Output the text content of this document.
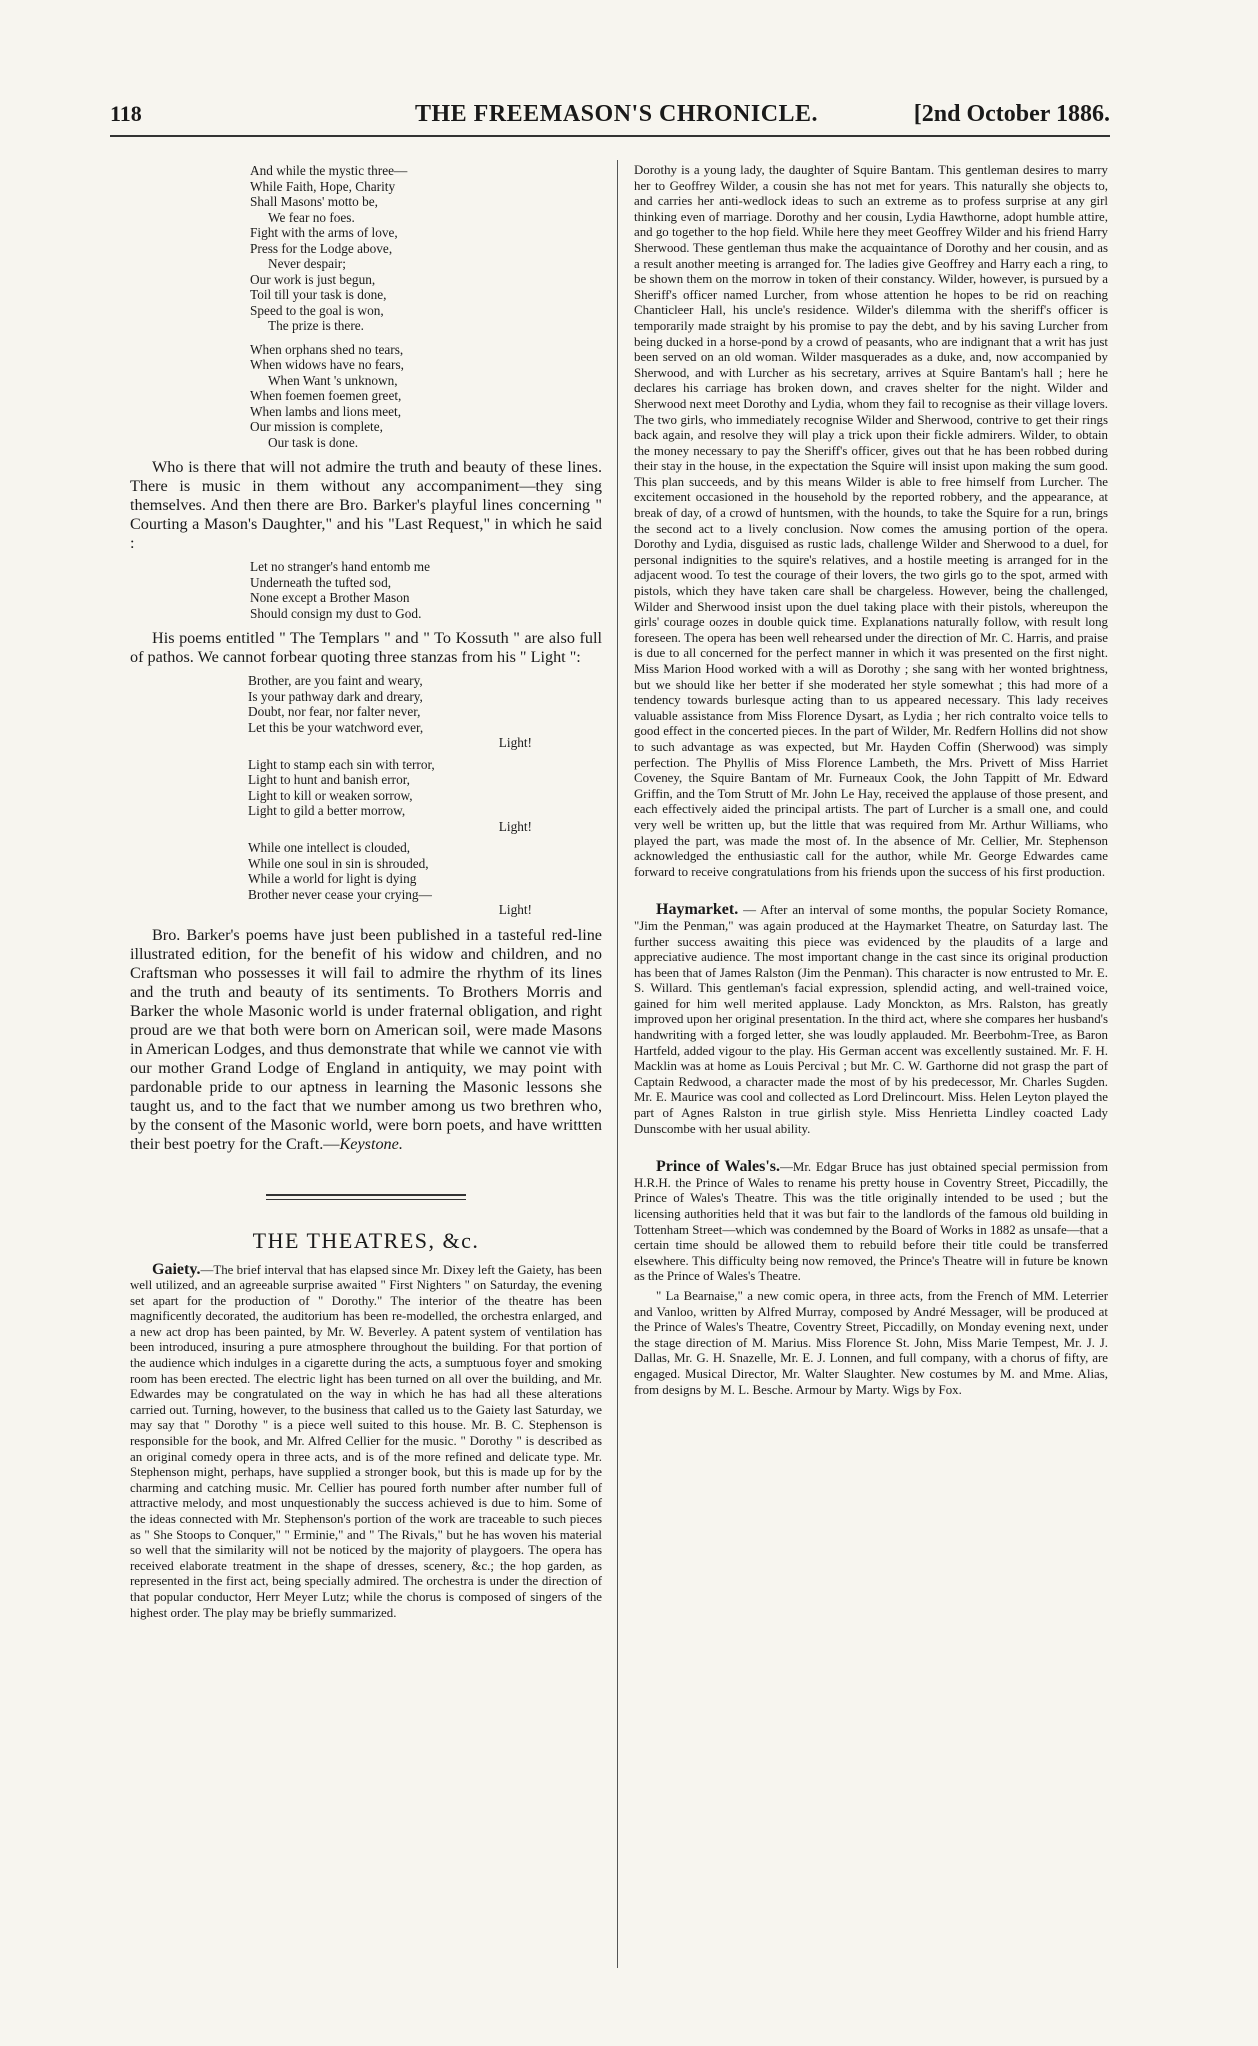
118	THE FREEMASON'S CHRONICLE.	[2nd October 1886.
And while the mystic three—
While Faith, Hope, Charity
Shall Masons' motto be,
We fear no foes.
Fight with the arms of love,
Press for the Lodge above,
Never despair;
Our work is just begun,
Toil till your task is done,
Speed to the goal is won,
The prize is there.
When orphans shed no tears,
When widows have no fears,
When Want 's unknown,
When foemen foemen greet,
When lambs and lions meet,
Our mission is complete,
Our task is done.

Who is there that will not admire the truth and beauty of these lines. There is music in them without any accompaniment—they sing themselves. And then there are Bro. Barker's playful lines concerning " Courting a Mason's Daughter," and his "Last Request," in which he said :

Let no stranger's hand entomb me
Underneath the tufted sod,
None except a Brother Mason
Should consign my dust to God.

His poems entitled " The Templars " and " To Kossuth " are also full of pathos. We cannot forbear quoting three stanzas from his " Light ":

Brother, are you faint and weary,
Is your pathway dark and dreary,
Doubt, nor fear, nor falter never,
Let this be your watchword ever,
Light!
Light to stamp each sin with terror,
Light to hunt and banish error,
Light to kill or weaken sorrow,
Light to gild a better morrow,
Light!
While one intellect is clouded,
While one soul in sin is shrouded,
While a world for light is dying
Brother never cease your crying—
Light!

Bro. Barker's poems have just been published in a tasteful red-line illustrated edition, for the benefit of his widow and children, and no Craftsman who possesses it will fail to admire the rhythm of its lines and the truth and beauty of its sentiments. To Brothers Morris and Barker the whole Masonic world is under fraternal obligation, and right proud are we that both were born on American soil, were made Masons in American Lodges, and thus demonstrate that while we cannot vie with our mother Grand Lodge of England in antiquity, we may point with pardonable pride to our aptness in learning the Masonic lessons she taught us, and to the fact that we number among us two brethren who, by the consent of the Masonic world, were born poets, and have writtten their best poetry for the Craft.—Keystone.

THE THEATRES, &c.

Gaiety.—The brief interval that has elapsed since Mr. Dixey left the Gaiety, has been well utilized, and an agreeable surprise awaited " First Nighters " on Saturday, the evening set apart for the production of " Dorothy." The interior of the theatre has been magnificently decorated, the auditorium has been re-modelled, the orchestra enlarged, and a new act drop has been painted, by Mr. W. Beverley. A patent system of ventilation has been introduced, insuring a pure atmosphere throughout the building. For that portion of the audience which indulges in a cigarette during the acts, a sumptuous foyer and smoking room has been erected. The electric light has been turned on all over the building, and Mr. Edwardes may be congratulated on the way in which he has had all these alterations carried out. Turning, however, to the business that called us to the Gaiety last Saturday, we may say that " Dorothy " is a piece well suited to this house. Mr. B. C. Stephenson is responsible for the book, and Mr. Alfred Cellier for the music. " Dorothy " is described as an original comedy opera in three acts, and is of the more refined and delicate type. Mr. Stephenson might, perhaps, have supplied a stronger book, but this is made up for by the charming and catching music. Mr. Cellier has poured forth number after number full of attractive melody, and most unquestionably the success achieved is due to him. Some of the ideas connected with Mr. Stephenson's portion of the work are traceable to such pieces as " She Stoops to Conquer," " Erminie," and " The Rivals," but he has woven his material so well that the similarity will not be noticed by the majority of playgoers. The opera has received elaborate treatment in the shape of dresses, scenery, &c.; the hop garden, as represented in the first act, being specially admired. The orchestra is under the direction of that popular conductor, Herr Meyer Lutz; while the chorus is composed of singers of the highest order. The play may be briefly summarized.

Dorothy is a young lady, the daughter of Squire Bantam. This gentleman desires to marry her to Geoffrey Wilder, a cousin she has not met for years. This naturally she objects to, and carries her anti-wedlock ideas to such an extreme as to profess surprise at any girl thinking even of marriage. Dorothy and her cousin, Lydia Hawthorne, adopt humble attire, and go together to the hop field. While here they meet Geoffrey Wilder and his friend Harry Sherwood. These gentleman thus make the acquaintance of Dorothy and her cousin, and as a result another meeting is arranged for. The ladies give Geoffrey and Harry each a ring, to be shown them on the morrow in token of their constancy. Wilder, however, is pursued by a Sheriff's officer named Lurcher, from whose attention he hopes to be rid on reaching Chanticleer Hall, his uncle's residence. Wilder's dilemma with the sheriff's officer is temporarily made straight by his promise to pay the debt, and by his saving Lurcher from being ducked in a horse-pond by a crowd of peasants, who are indignant that a writ has just been served on an old woman. Wilder masquerades as a duke, and, now accompanied by Sherwood, and with Lurcher as his secretary, arrives at Squire Bantam's hall ; here he declares his carriage has broken down, and craves shelter for the night. Wilder and Sherwood next meet Dorothy and Lydia, whom they fail to recognise as their village lovers. The two girls, who immediately recognise Wilder and Sherwood, contrive to get their rings back again, and resolve they will play a trick upon their fickle admirers. Wilder, to obtain the money necessary to pay the Sheriff's officer, gives out that he has been robbed during their stay in the house, in the expectation the Squire will insist upon making the sum good. This plan succeeds, and by this means Wilder is able to free himself from Lurcher. The excitement occasioned in the household by the reported robbery, and the appearance, at break of day, of a crowd of huntsmen, with the hounds, to take the Squire for a run, brings the second act to a lively conclusion. Now comes the amusing portion of the opera. Dorothy and Lydia, disguised as rustic lads, challenge Wilder and Sherwood to a duel, for personal indignities to the squire's relatives, and a hostile meeting is arranged for in the adjacent wood. To test the courage of their lovers, the two girls go to the spot, armed with pistols, which they have taken care shall be chargeless. However, being the challenged, Wilder and Sherwood insist upon the duel taking place with their pistols, whereupon the girls' courage oozes in double quick time. Explanations naturally follow, with result long foreseen. The opera has been well rehearsed under the direction of Mr. C. Harris, and praise is due to all concerned for the perfect manner in which it was presented on the first night. Miss Marion Hood worked with a will as Dorothy ; she sang with her wonted brightness, but we should like her better if she moderated her style somewhat ; this had more of a tendency towards burlesque acting than to us appeared necessary. This lady receives valuable assistance from Miss Florence Dysart, as Lydia ; her rich contralto voice tells to good effect in the concerted pieces. In the part of Wilder, Mr. Redfern Hollins did not show to such advantage as was expected, but Mr. Hayden Coffin (Sherwood) was simply perfection. The Phyllis of Miss Florence Lambeth, the Mrs. Privett of Miss Harriet Coveney, the Squire Bantam of Mr. Furneaux Cook, the John Tappitt of Mr. Edward Griffin, and the Tom Strutt of Mr. John Le Hay, received the applause of those present, and each effectively aided the principal artists. The part of Lurcher is a small one, and could very well be written up, but the little that was required from Mr. Arthur Williams, who played the part, was made the most of. In the absence of Mr. Cellier, Mr. Stephenson acknowledged the enthusiastic call for the author, while Mr. George Edwardes came forward to receive congratulations from his friends upon the success of his first production.

Haymarket. — After an interval of some months, the popular Society Romance, "Jim the Penman," was again produced at the Haymarket Theatre, on Saturday last. The further success awaiting this piece was evidenced by the plaudits of a large and appreciative audience. The most important change in the cast since its original production has been that of James Ralston (Jim the Penman). This character is now entrusted to Mr. E. S. Willard. This gentleman's facial expression, splendid acting, and well-trained voice, gained for him well merited applause. Lady Monckton, as Mrs. Ralston, has greatly improved upon her original presentation. In the third act, where she compares her husband's handwriting with a forged letter, she was loudly applauded. Mr. Beerbohm-Tree, as Baron Hartfeld, added vigour to the play. His German accent was excellently sustained. Mr. F. H. Macklin was at home as Louis Percival ; but Mr. C. W. Garthorne did not grasp the part of Captain Redwood, a character made the most of by his predecessor, Mr. Charles Sugden. Mr. E. Maurice was cool and collected as Lord Drelincourt. Miss. Helen Leyton played the part of Agnes Ralston in true girlish style. Miss Henrietta Lindley coacted Lady Dunscombe with her usual ability.

Prince of Wales's.—Mr. Edgar Bruce has just obtained special permission from H.R.H. the Prince of Wales to rename his pretty house in Coventry Street, Piccadilly, the Prince of Wales's Theatre. This was the title originally intended to be used ; but the licensing authorities held that it was but fair to the landlords of the famous old building in Tottenham Street—which was condemned by the Board of Works in 1882 as unsafe—that a certain time should be allowed them to rebuild before their title could be transferred elsewhere. This difficulty being now removed, the Prince's Theatre will in future be known as the Prince of Wales's Theatre.

" La Bearnaise," a new comic opera, in three acts, from the French of MM. Leterrier and Vanloo, written by Alfred Murray, composed by André Messager, will be produced at the Prince of Wales's Theatre, Coventry Street, Piccadilly, on Monday evening next, under the stage direction of M. Marius. Miss Florence St. John, Miss Marie Tempest, Mr. J. J. Dallas, Mr. G. H. Snazelle, Mr. E. J. Lonnen, and full company, with a chorus of fifty, are engaged. Musical Director, Mr. Walter Slaughter. New costumes by M. and Mme. Alias, from designs by M. L. Besche. Armour by Marty. Wigs by Fox.
